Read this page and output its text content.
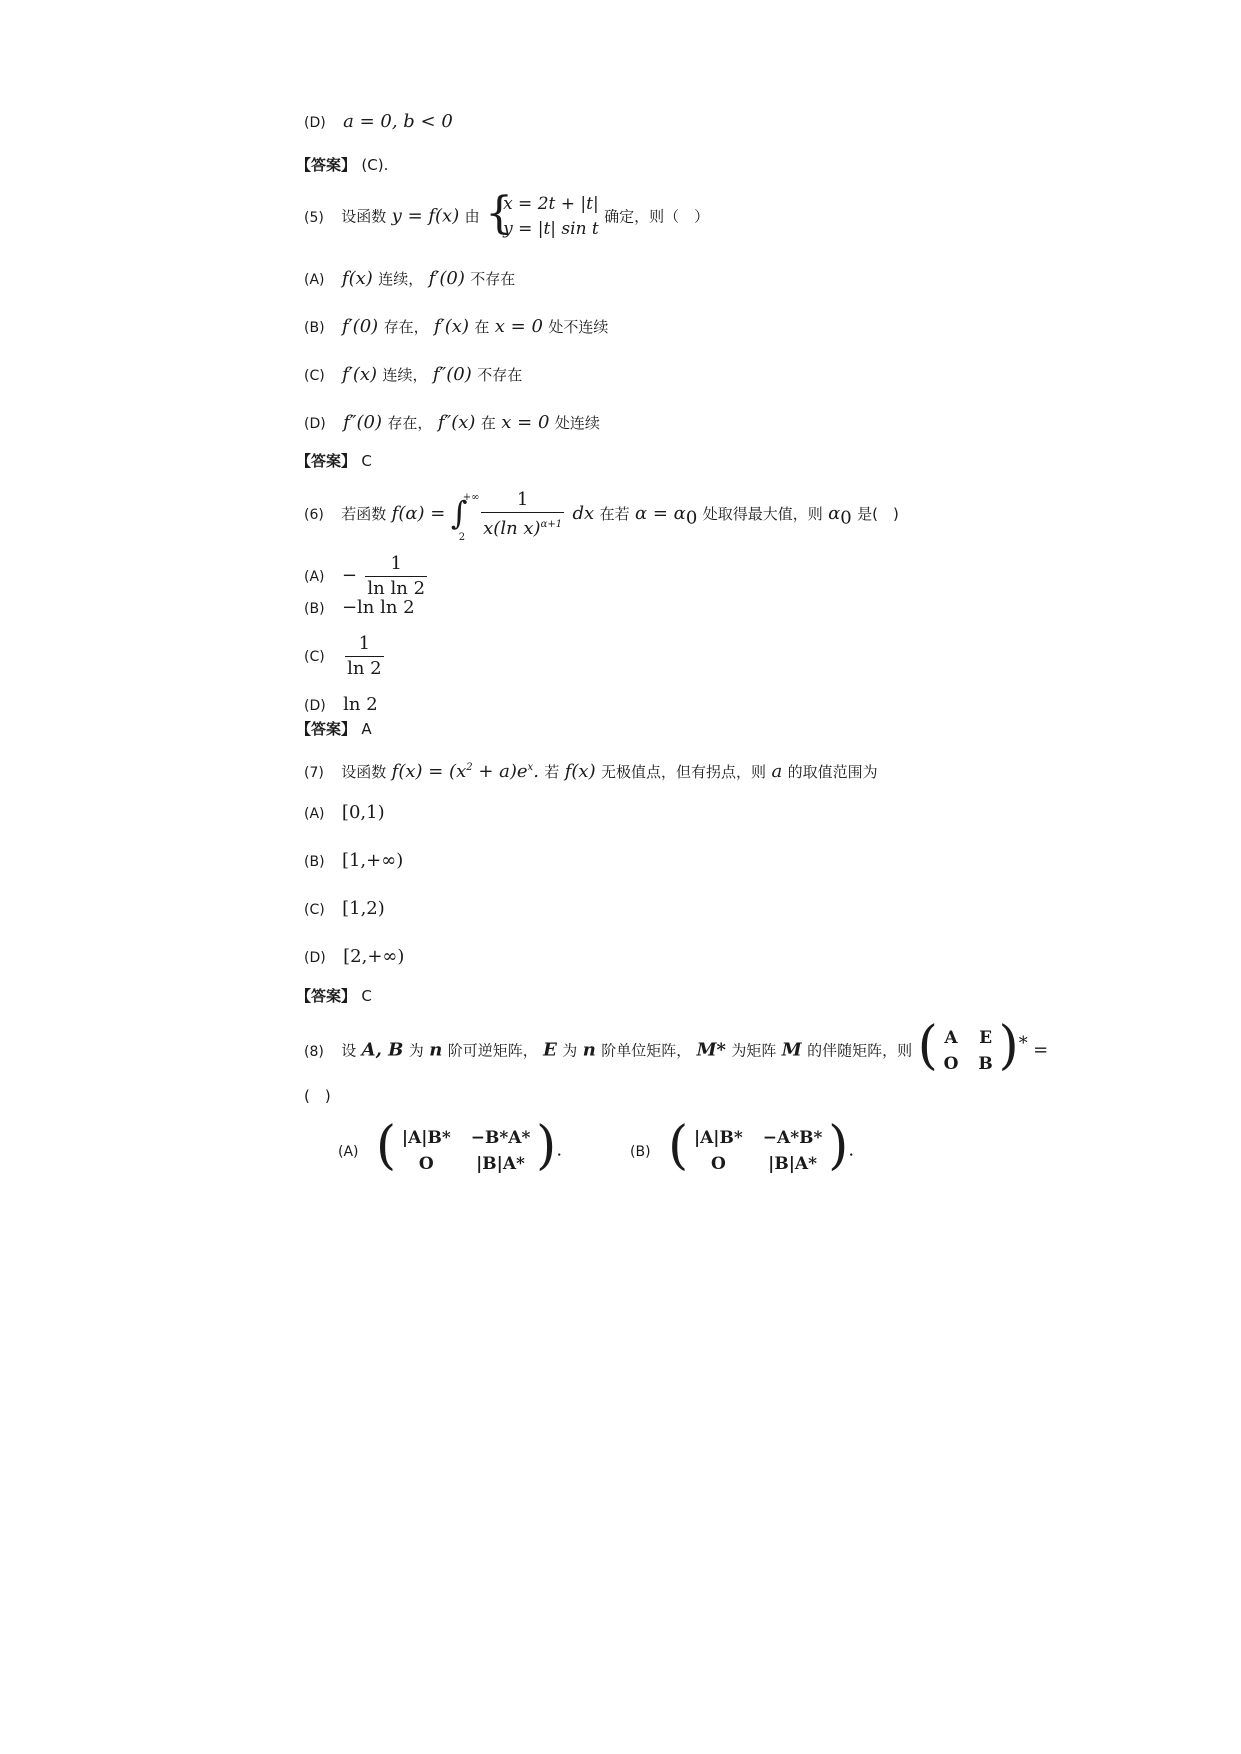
(D) a = 0, b < 0
【答案】 (C).
(5) 设函数 y = f(x) 由 {
x = 2t + |t|
y = |t| sin t
确定，则（　）
(A) f(x) 连续， f′(0) 不存在
(B) f′(0) 存在， f′(x) 在 x = 0 处不连续
(C) f′(x) 连续， f″(0) 不存在
(D) f″(0) 存在， f″(x) 在 x = 0 处连续
【答案】 C
(6) 若函数 f(α) = ∫
+∞
2
$\frac{1}{x(\ln x)^{\alpha+1}}$ dx 在若 $\alpha = \alpha_0$ 处取得最大值，则 $\alpha_0$ 是(　)
$(A) - \frac{1}{\text{ln ln 2}}$
(B) −ln ln 2
$(C) \frac{1}{\ln 2}$
(D) ln 2
【答案】 A
(7) 设函数 $f(x) = (x^2 + a)e^x$. 若 f(x) 无极值点，但有拐点，则 a 的取值范围为
(A) [0,1)
(B) [1,+∞)
(C) [1,2)
(D) [2,+∞)
【答案】 C
(8) 设 A, B 为 n 阶可逆矩阵， E 为 n 阶单位矩阵， M* 为矩阵 M 的伴随矩阵，则 ( A	E
O	B ) * =
(　)
(A) ( |A|B*	−B*A*
O	|B|A* ) .	(B) ( |A|B*	−A*B*
O	|B|A* ) .
